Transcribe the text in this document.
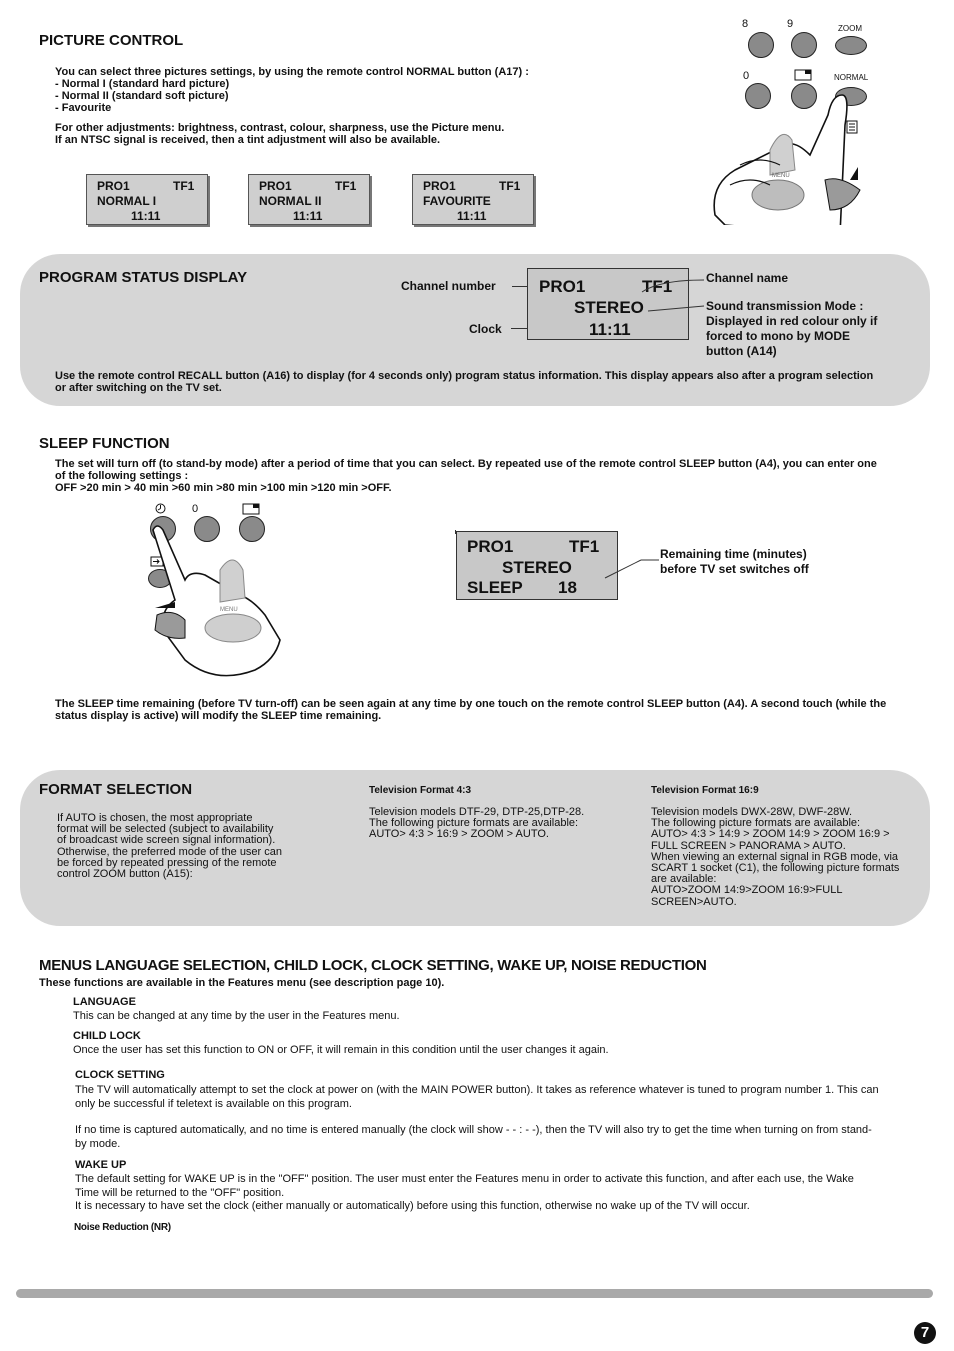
PICTURE CONTROL

You can select three pictures settings, by using the remote control NORMAL button (A17) :

- Normal I (standard hard picture)

- Normal II (standard soft picture)

- Favourite

For other adjustments: brightness, contrast, colour, sharpness, use the Picture menu.

If an NTSC signal is received, then a tint adjustment will also be available.

PRO1	TF1
NORMAL I
11:11
PRO1	TF1
NORMAL II
11:11
PRO1	TF1
FAVOURITE
11:11
8	9	ZOOM
0	NORMAL
MENU
PROGRAM STATUS DISPLAY	Channel number
Clock
PRO1	TF1
STEREO
11:11
Channel name
Sound transmission Mode :
Displayed in red colour only if
forced to mono by MODE
button (A14)

Use the remote control RECALL button (A16) to display (for 4 seconds only) program status information. This display appears also after a program selection

or after switching on the TV set.

SLEEP FUNCTION

The set will turn off (to stand-by mode) after a period of time that you can select. By repeated use of the remote control SLEEP button (A4), you can enter one

of the following settings :

OFF >20 min > 40 min >60 min >80 min >100 min >120 min >OFF.

0
MENU
PRO1	TF1
STEREO
SLEEP 18
Remaining time (minutes)
before TV set switches off

The SLEEP time remaining (before TV turn-off) can be seen again at any time by one touch on the remote control SLEEP button (A4). A second touch (while the

status display is active) will modify the SLEEP time remaining.

FORMAT SELECTION

If AUTO is chosen, the most appropriate

format will be selected (subject to availability

of broadcast wide screen signal information).

Otherwise, the preferred mode of the user can

be forced by repeated pressing of the remote

control ZOOM button (A15):

Television Format 4:3

Television models DTF-29, DTP-25,DTP-28.

The following picture formats are available:

AUTO> 4:3 > 16:9 > ZOOM > AUTO.

Television Format 16:9

Television models DWX-28W, DWF-28W.

The following picture formats are available:

AUTO> 4:3 > 14:9 > ZOOM 14:9 > ZOOM 16:9 >

FULL SCREEN > PANORAMA > AUTO.

When viewing an external signal in RGB mode, via

SCART 1 socket (C1), the following picture formats

are available:

AUTO>ZOOM 14:9>ZOOM 16:9>FULL

SCREEN>AUTO.

MENUS LANGUAGE SELECTION, CHILD LOCK, CLOCK SETTING, WAKE UP, NOISE REDUCTION
These functions are available in the Features menu (see description page 10).
LANGUAGE
This can be changed at any time by the user in the Features menu.
CHILD LOCK
Once the user has set this function to ON or OFF, it will remain in this condition until the user changes it again.
CLOCK SETTING
The TV will automatically attempt to set the clock at power on (with the MAIN POWER button). It takes as reference whatever is tuned to program number 1. This can
only be successful if teletext is available on this program.
If no time is captured automatically, and no time is entered manually (the clock will show - - : - -), then the TV will also try to get the time when turning on from stand-
by mode.
WAKE UP
The default setting for WAKE UP is in the "OFF" position. The user must enter the Features menu in order to activate this function, and after each use, the Wake
Time will be returned to the "OFF" position.
It is necessary to have set the clock (either manually or automatically) before using this function, otherwise no wake up of the TV will occur.
Noise Reduction (NR)
7
